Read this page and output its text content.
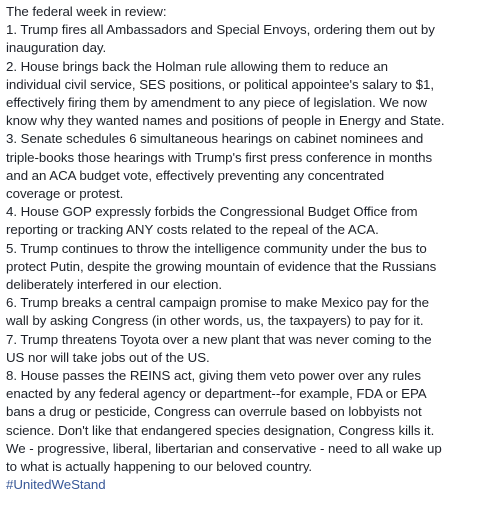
The federal week in review:
1. Trump fires all Ambassadors and Special Envoys, ordering them out by
inauguration day.
2. House brings back the Holman rule allowing them to reduce an
individual civil service, SES positions, or political appointee's salary to $1,
effectively firing them by amendment to any piece of legislation. We now
know why they wanted names and positions of people in Energy and State.
3. Senate schedules 6 simultaneous hearings on cabinet nominees and
triple-books those hearings with Trump's first press conference in months
and an ACA budget vote, effectively preventing any concentrated
coverage or protest.
4. House GOP expressly forbids the Congressional Budget Office from
reporting or tracking ANY costs related to the repeal of the ACA.
5. Trump continues to throw the intelligence community under the bus to
protect Putin, despite the growing mountain of evidence that the Russians
deliberately interfered in our election.
6. Trump breaks a central campaign promise to make Mexico pay for the
wall by asking Congress (in other words, us, the taxpayers) to pay for it.
7. Trump threatens Toyota over a new plant that was never coming to the
US nor will take jobs out of the US.
8. House passes the REINS act, giving them veto power over any rules
enacted by any federal agency or department--for example, FDA or EPA
bans a drug or pesticide, Congress can overrule based on lobbyists not
science. Don't like that endangered species designation, Congress kills it.
We - progressive, liberal, libertarian and conservative - need to all wake up
to what is actually happening to our beloved country.
#UnitedWeStand
